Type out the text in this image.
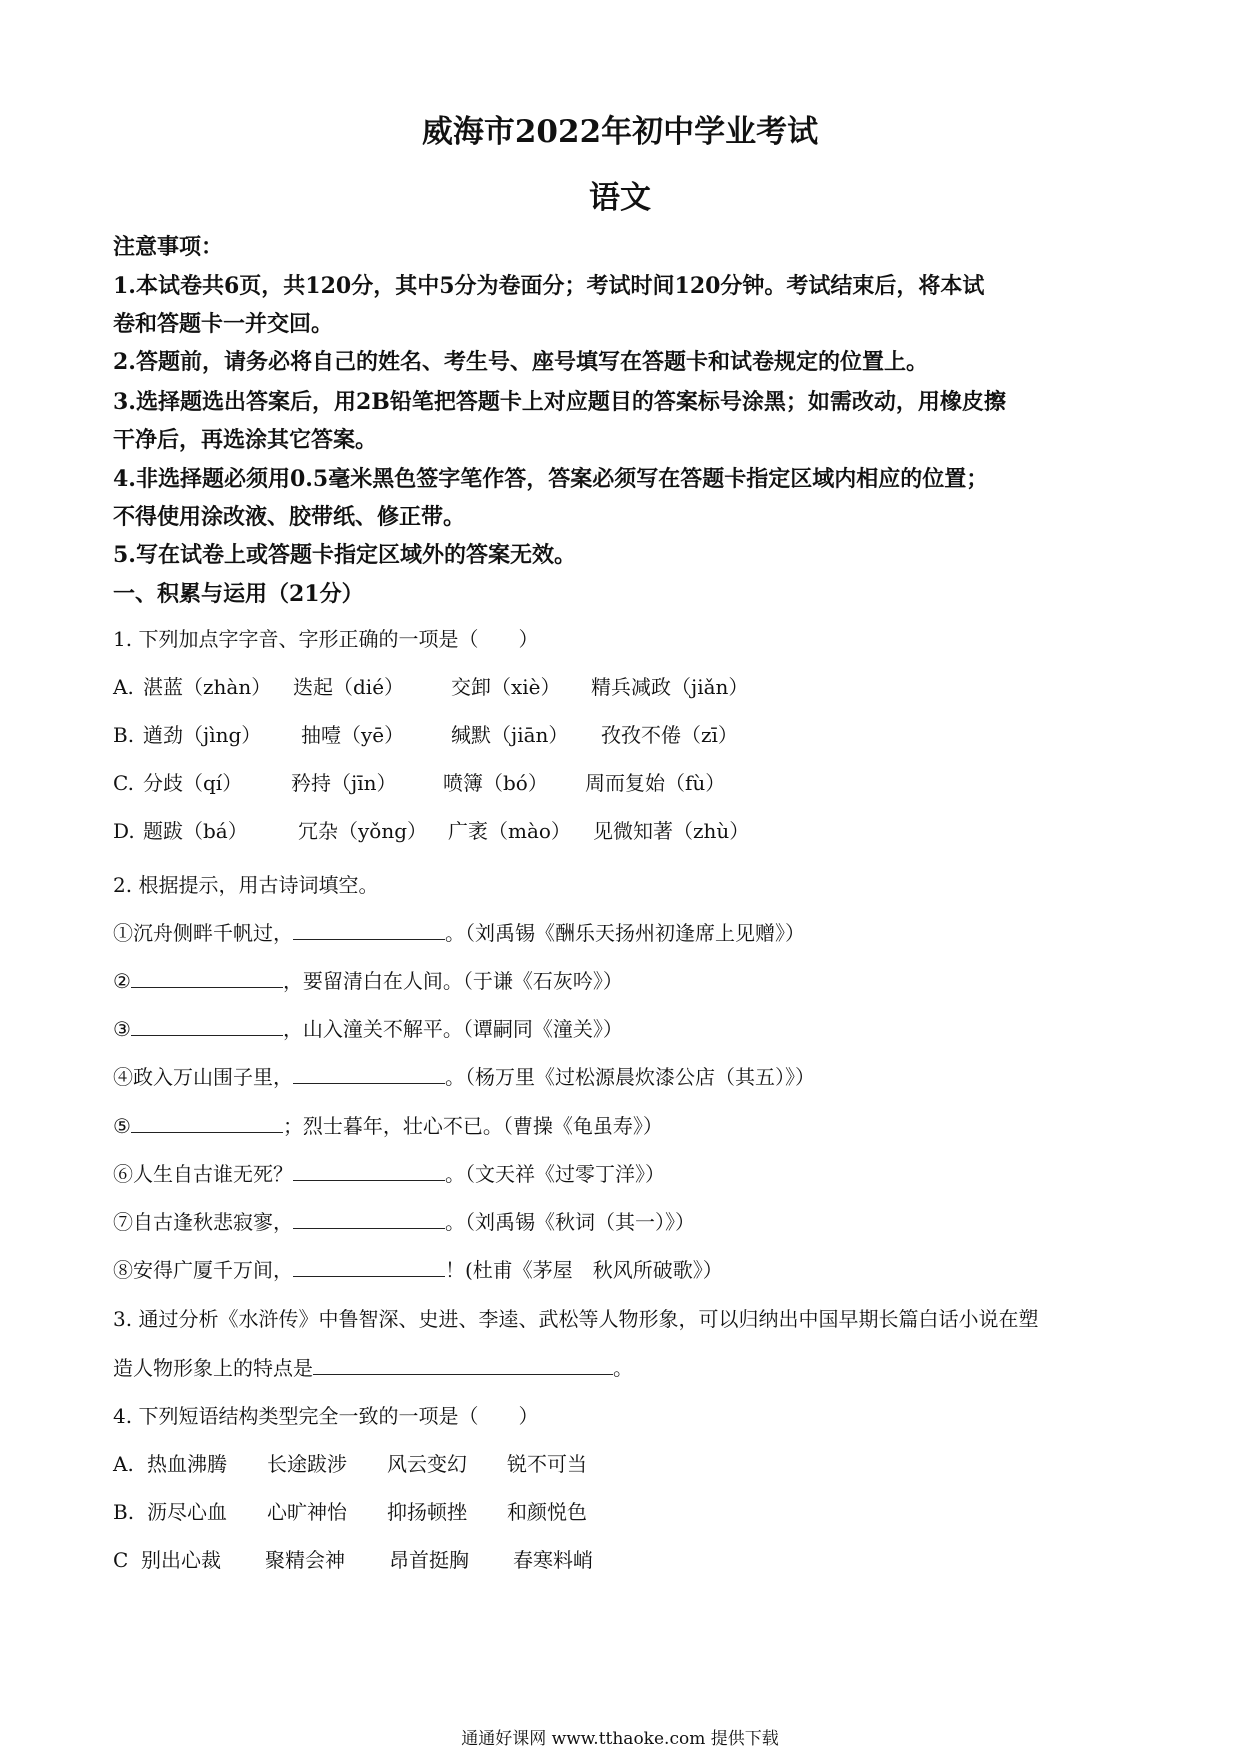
威海市2022年初中学业考试
语文
注意事项：
1.本试卷共6页，共120分，其中5分为卷面分；考试时间120分钟。考试结束后，将本试
卷和答题卡一并交回。
2.答题前，请务必将自己的姓名、考生号、座号填写在答题卡和试卷规定的位置上。
3.选择题选出答案后，用2B铅笔把答题卡上对应题目的答案标号涂黑；如需改动，用橡皮擦
干净后，再选涂其它答案。
4.非选择题必须用0.5毫米黑色签字笔作答，答案必须写在答题卡指定区域内相应的位置；
不得使用涂改液、胶带纸、修正带。
5.写在试卷上或答题卡指定区域外的答案无效。
一、积累与运用（21分）
1. 下列加点字字音、字形正确的一项是（　　）
A. 湛蓝（zhàn） 迭起（dié） 交卸（xiè） 精兵减政（jiǎn）
B. 遒劲（jìng） 抽噎（yē） 缄默（jiān） 孜孜不倦（zī）
C. 分歧（qí） 矜持（jīn） 喷簿（bó） 周而复始（fù）
D. 题跋（bá）	冗杂（yǒng） 广袤（mào） 见微知著（zhù）
2. 根据提示，用古诗词填空。
①沉舟侧畔千帆过，	。（刘禹锡《酬乐天扬州初逢席上见赠》）
②	，要留清白在人间。（于谦《石灰吟》）
③	，山入潼关不解平。（谭嗣同《潼关》）
④政入万山围子里，	。（杨万里《过松源晨炊漆公店（其五）》）
⑤	；烈士暮年，壮心不已。（曹操《龟虽寿》）
⑥人生自古谁无死？	。（文天祥《过零丁洋》）
⑦自古逢秋悲寂寥，	。（刘禹锡《秋词（其一）》）
⑧安得广厦千万间，	！(杜甫《茅屋　秋风所破歌》）
3. 通过分析《水浒传》中鲁智深、史进、李逵、武松等人物形象，可以归纳出中国早期长篇白话小说在塑
造人物形象上的特点是	。
4. 下列短语结构类型完全一致的一项是（　　）
A. 热血沸腾 长途跋涉 风云变幻 锐不可当
B. 沥尽心血 心旷神怡 抑扬顿挫 和颜悦色
C 别出心裁 聚精会神 昂首挺胸 春寒料峭
通通好课网 www.tthaoke.com 提供下载
